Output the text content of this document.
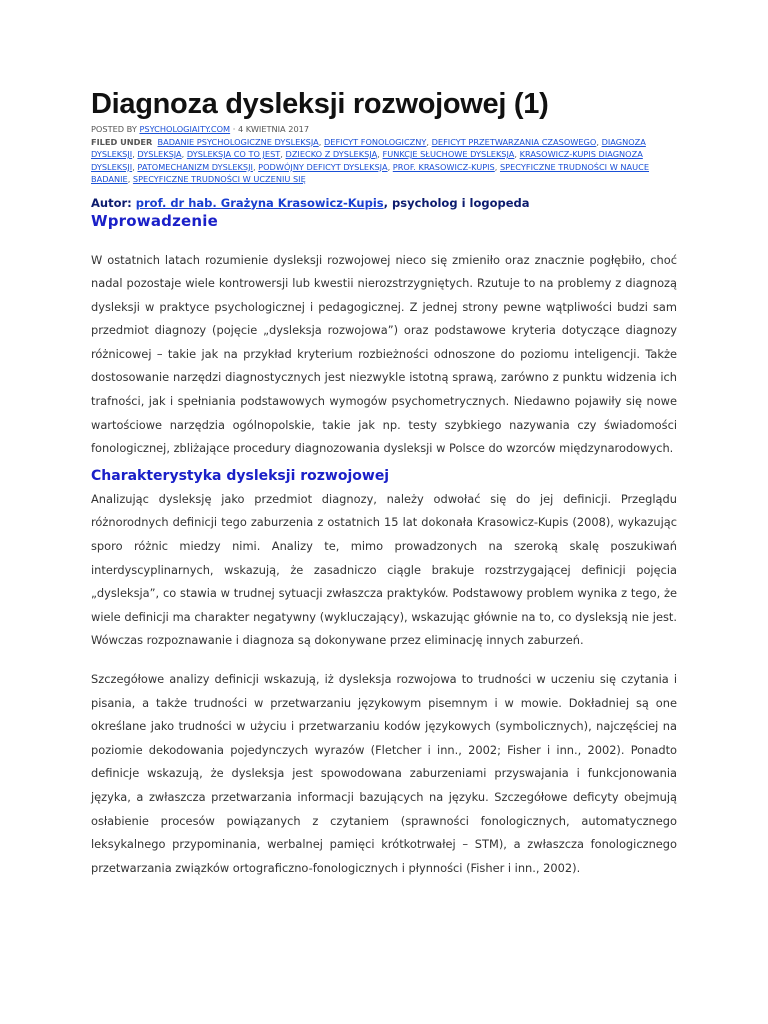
Diagnoza dysleksji rozwojowej (1)
POSTED BY PSYCHOLOGIAITY.COM · 4 KWIETNIA 2017
FILED UNDER BADANIE PSYCHOLOGICZNE DYSLEKSJA, DEFICYT FONOLOGICZNY, DEFICYT PRZETWARZANIA CZASOWEGO, DIAGNOZA DYSLEKSJI, DYSLEKSJA, DYSLEKSJA CO TO JEST, DZIECKO Z DYSLEKSJĄ, FUNKCJE SŁUCHOWE DYSLEKSJA, KRASOWICZ-KUPIS DIAGNOZA DYSLEKSJI, PATOMECHANIZM DYSLEKSJI, PODWÓJNY DEFICYT DYSLEKSJA, PROF. KRASOWICZ-KUPIS, SPECYFICZNE TRUDNOŚCI W NAUCE BADANIE, SPECYFICZNE TRUDNOŚCI W UCZENIU SIĘ
Autor: prof. dr hab. Grażyna Krasowicz-Kupis, psycholog i logopeda
Wprowadzenie

W ostatnich latach rozumienie dysleksji rozwojowej nieco się zmieniło oraz znacznie pogłębiło, choć nadal pozostaje wiele kontrowersji lub kwestii nierozstrzygniętych. Rzutuje to na problemy z diagnozą dysleksji w praktyce psychologicznej i pedagogicznej. Z jednej strony pewne wątpliwości budzi sam przedmiot diagnozy (pojęcie „dysleksja rozwojowa”) oraz podstawowe kryteria dotyczące diagnozy różnicowej – takie jak na przykład kryterium rozbieżności odnoszone do poziomu inteligencji. Także dostosowanie narzędzi diagnostycznych jest niezwykle istotną sprawą, zarówno z punktu widzenia ich trafności, jak i spełniania podstawowych wymogów psychometrycznych. Niedawno pojawiły się nowe wartościowe narzędzia ogólnopolskie, takie jak np. testy szybkiego nazywania czy świadomości fonologicznej, zbliżające procedury diagnozowania dysleksji w Polsce do wzorców międzynarodowych.

Charakterystyka dysleksji rozwojowej

Analizując dysleksję jako przedmiot diagnozy, należy odwołać się do jej definicji. Przeglądu różnorodnych definicji tego zaburzenia z ostatnich 15 lat dokonała Krasowicz-Kupis (2008), wykazując sporo różnic miedzy nimi. Analizy te, mimo prowadzonych na szeroką skalę poszukiwań interdyscyplinarnych, wskazują, że zasadniczo ciągle brakuje rozstrzygającej definicji pojęcia „dysleksja”, co stawia w trudnej sytuacji zwłaszcza praktyków. Podstawowy problem wynika z tego, że wiele definicji ma charakter negatywny (wykluczający), wskazując głównie na to, co dysleksją nie jest. Wówczas rozpoznawanie i diagnoza są dokonywane przez eliminację innych zaburzeń.

Szczegółowe analizy definicji wskazują, iż dysleksja rozwojowa to trudności w uczeniu się czytania i pisania, a także trudności w przetwarzaniu językowym pisemnym i w mowie. Dokładniej są one określane jako trudności w użyciu i przetwarzaniu kodów językowych (symbolicznych), najczęściej na poziomie dekodowania pojedynczych wyrazów (Fletcher i inn., 2002; Fisher i inn., 2002). Ponadto definicje wskazują, że dysleksja jest spowodowana zaburzeniami przyswajania i funkcjonowania języka, a zwłaszcza przetwarzania informacji bazujących na języku. Szczegółowe deficyty obejmują osłabienie procesów powiązanych z czytaniem (sprawności fonologicznych, automatycznego leksykalnego przypominania, werbalnej pamięci krótkotrwałej – STM), a zwłaszcza fonologicznego przetwarzania związków ortograficzno-fonologicznych i płynności (Fisher i inn., 2002).
